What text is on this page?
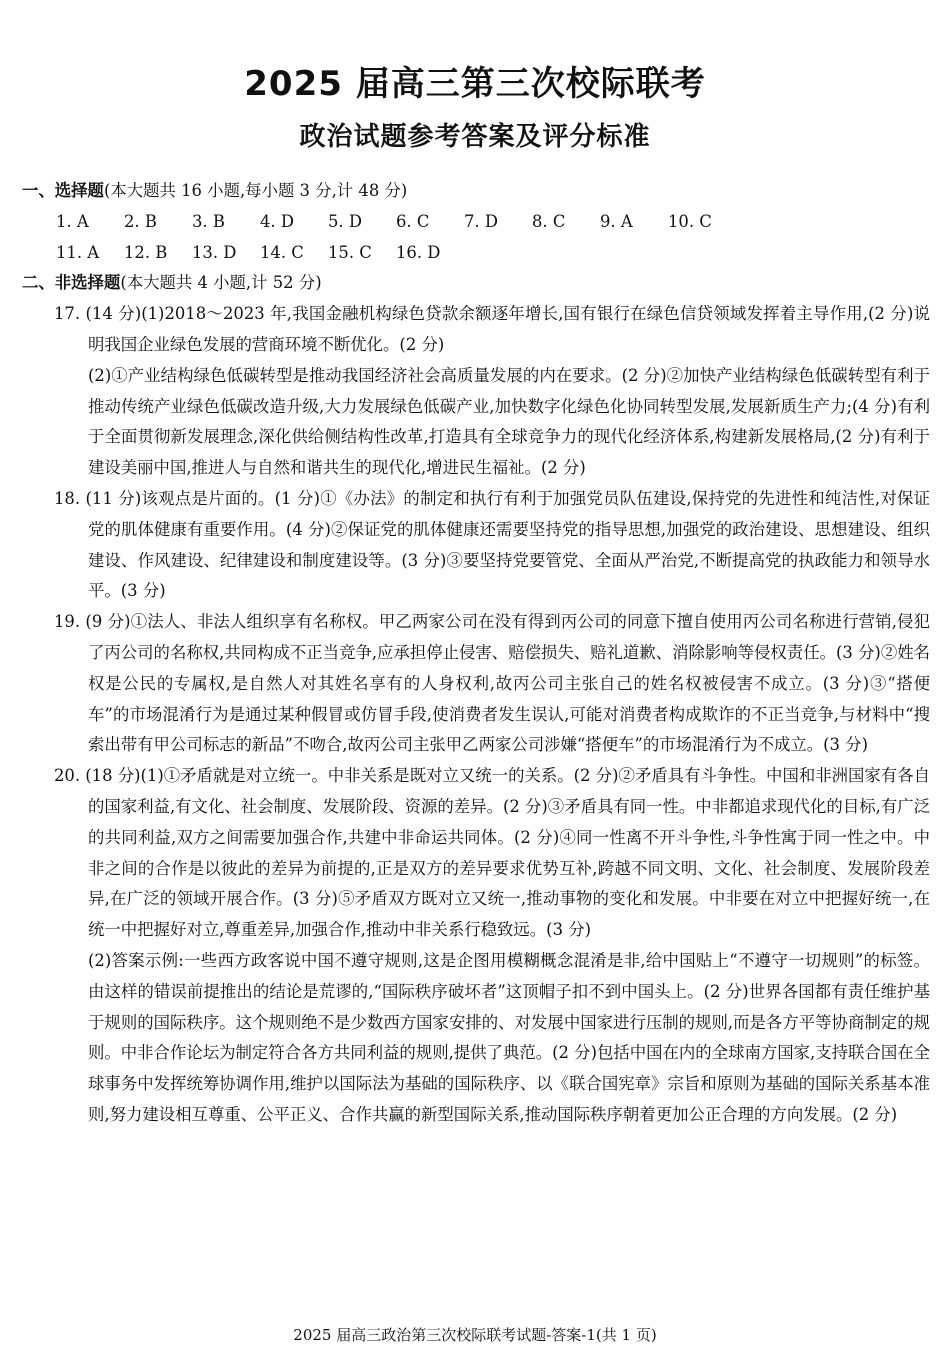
2025 届高三第三次校际联考
政治试题参考答案及评分标准
一、选择题(本大题共 16 小题,每小题 3 分,计 48 分)
1. A 2. B 3. B 4. D 5. D 6. C 7. D 8. C 9. A 10. C
11. A 12. B 13. D 14. C 15. C 16. D
二、非选择题(本大题共 4 小题,计 52 分)

17. (14 分)(1)2018～2023 年,我国金融机构绿色贷款余额逐年增长,国有银行在绿色信贷领域发挥着主导作用,(2 分)说明我国企业绿色发展的营商环境不断优化。(2 分)

(2)①产业结构绿色低碳转型是推动我国经济社会高质量发展的内在要求。(2 分)②加快产业结构绿色低碳转型有利于推动传统产业绿色低碳改造升级,大力发展绿色低碳产业,加快数字化绿色化协同转型发展,发展新质生产力;(4 分)有利于全面贯彻新发展理念,深化供给侧结构性改革,打造具有全球竞争力的现代化经济体系,构建新发展格局,(2 分)有利于建设美丽中国,推进人与自然和谐共生的现代化,增进民生福祉。(2 分)

18. (11 分)该观点是片面的。(1 分)①《办法》的制定和执行有利于加强党员队伍建设,保持党的先进性和纯洁性,对保证党的肌体健康有重要作用。(4 分)②保证党的肌体健康还需要坚持党的指导思想,加强党的政治建设、思想建设、组织建设、作风建设、纪律建设和制度建设等。(3 分)③要坚持党要管党、全面从严治党,不断提高党的执政能力和领导水平。(3 分)

19. (9 分)①法人、非法人组织享有名称权。甲乙两家公司在没有得到丙公司的同意下擅自使用丙公司名称进行营销,侵犯了丙公司的名称权,共同构成不正当竞争,应承担停止侵害、赔偿损失、赔礼道歉、消除影响等侵权责任。(3 分)②姓名权是公民的专属权,是自然人对其姓名享有的人身权利,故丙公司主张自己的姓名权被侵害不成立。(3 分)③“搭便车”的市场混淆行为是通过某种假冒或仿冒手段,使消费者发生误认,可能对消费者构成欺诈的不正当竞争,与材料中“搜索出带有甲公司标志的新品”不吻合,故丙公司主张甲乙两家公司涉嫌“搭便车”的市场混淆行为不成立。(3 分)

20. (18 分)(1)①矛盾就是对立统一。中非关系是既对立又统一的关系。(2 分)②矛盾具有斗争性。中国和非洲国家有各自的国家利益,有文化、社会制度、发展阶段、资源的差异。(2 分)③矛盾具有同一性。中非都追求现代化的目标,有广泛的共同利益,双方之间需要加强合作,共建中非命运共同体。(2 分)④同一性离不开斗争性,斗争性寓于同一性之中。中非之间的合作是以彼此的差异为前提的,正是双方的差异要求优势互补,跨越不同文明、文化、社会制度、发展阶段差异,在广泛的领域开展合作。(3 分)⑤矛盾双方既对立又统一,推动事物的变化和发展。中非要在对立中把握好统一,在统一中把握好对立,尊重差异,加强合作,推动中非关系行稳致远。(3 分)

(2)答案示例:一些西方政客说中国不遵守规则,这是企图用模糊概念混淆是非,给中国贴上“不遵守一切规则”的标签。由这样的错误前提推出的结论是荒谬的,“国际秩序破坏者”这顶帽子扣不到中国头上。(2 分)世界各国都有责任维护基于规则的国际秩序。这个规则绝不是少数西方国家安排的、对发展中国家进行压制的规则,而是各方平等协商制定的规则。中非合作论坛为制定符合各方共同利益的规则,提供了典范。(2 分)包括中国在内的全球南方国家,支持联合国在全球事务中发挥统筹协调作用,维护以国际法为基础的国际秩序、以《联合国宪章》宗旨和原则为基础的国际关系基本准则,努力建设相互尊重、公平正义、合作共赢的新型国际关系,推动国际秩序朝着更加公正合理的方向发展。(2 分)

2025 届高三政治第三次校际联考试题-答案-1(共 1 页)
